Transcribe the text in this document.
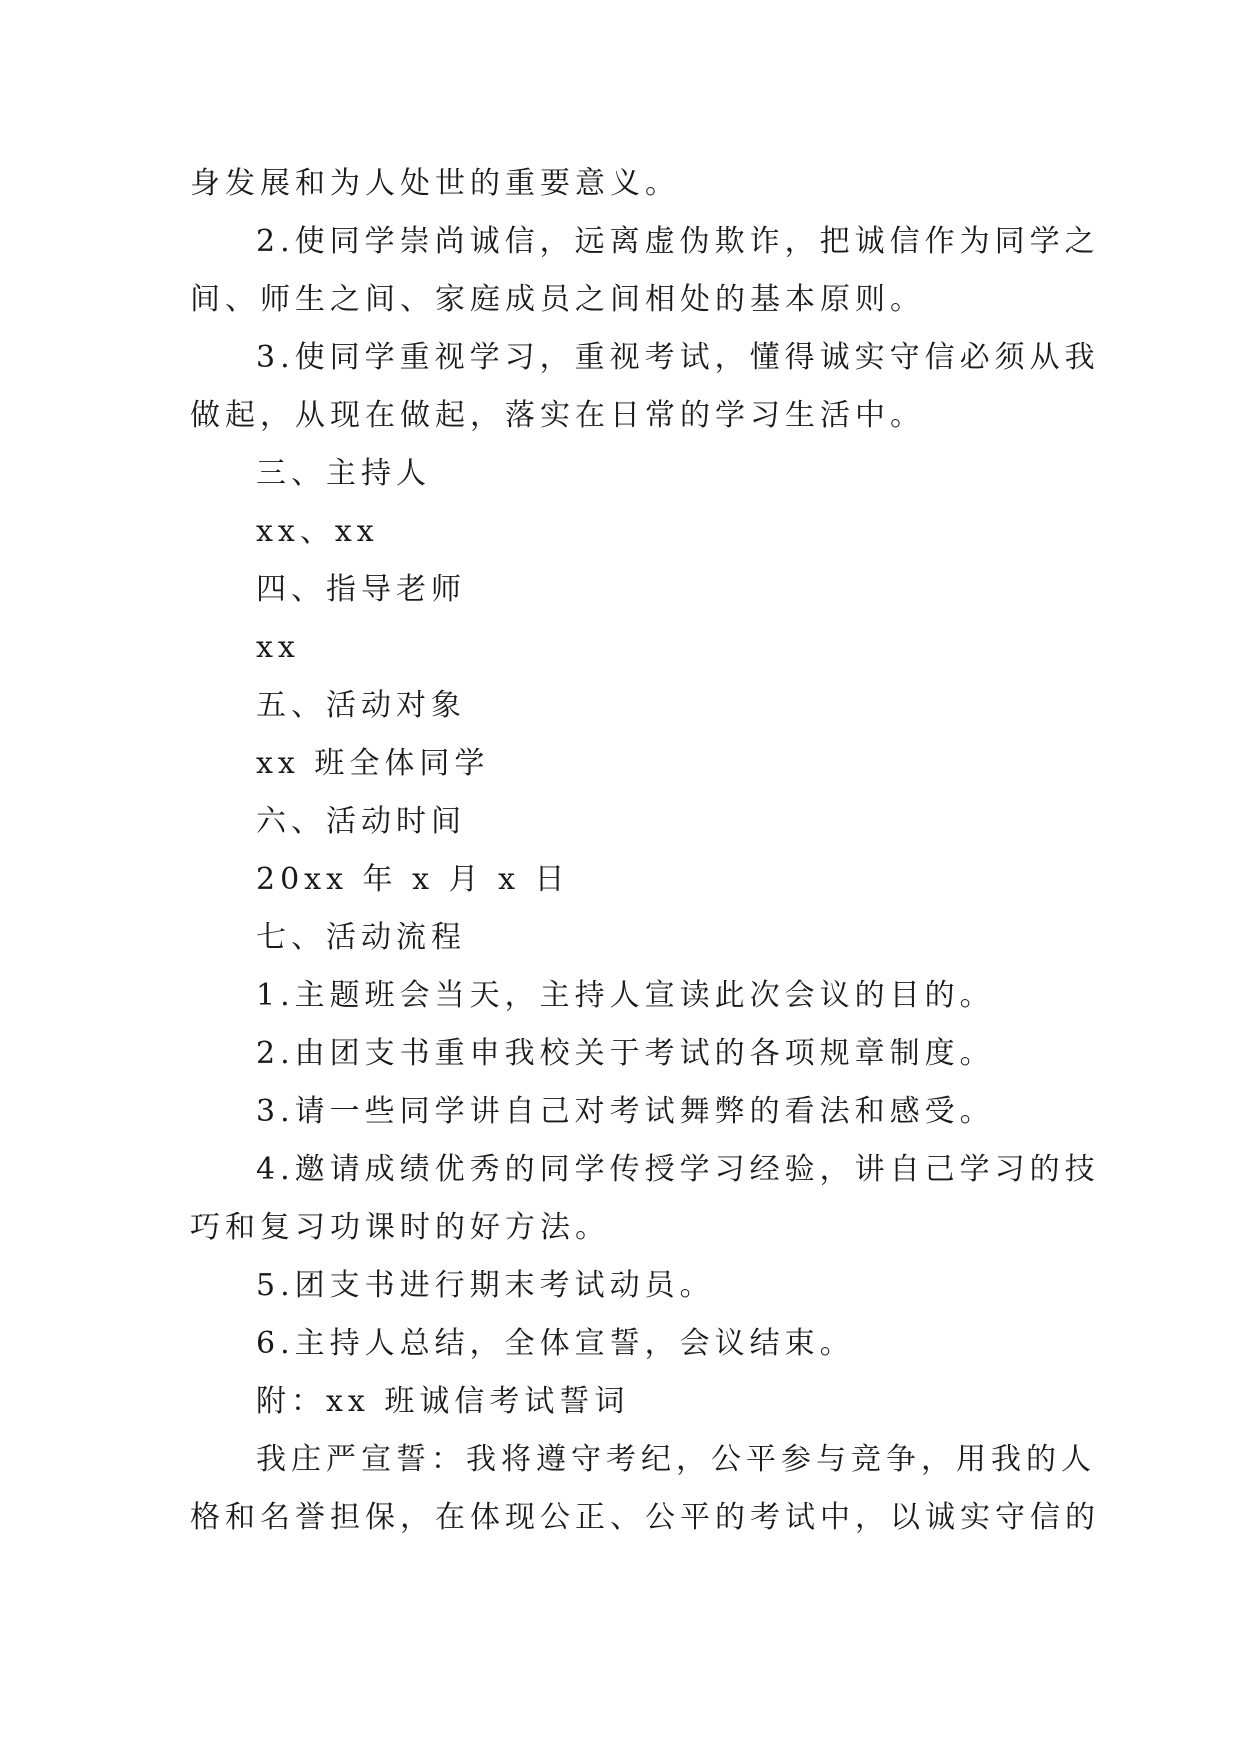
身发展和为人处世的重要意义。
2.使同学崇尚诚信，远离虚伪欺诈，把诚信作为同学之
间、师生之间、家庭成员之间相处的基本原则。
3.使同学重视学习，重视考试，懂得诚实守信必须从我
做起，从现在做起，落实在日常的学习生活中。
三、主持人
xx、xx
四、指导老师
xx
五、活动对象
xx 班全体同学
六、活动时间
20xx 年 x 月 x 日
七、活动流程
1.主题班会当天，主持人宣读此次会议的目的。
2.由团支书重申我校关于考试的各项规章制度。
3.请一些同学讲自己对考试舞弊的看法和感受。
4.邀请成绩优秀的同学传授学习经验，讲自己学习的技
巧和复习功课时的好方法。
5.团支书进行期末考试动员。
6.主持人总结，全体宣誓，会议结束。
附：xx 班诚信考试誓词
我庄严宣誓：我将遵守考纪，公平参与竞争，用我的人
格和名誉担保，在体现公正、公平的考试中，以诚实守信的
